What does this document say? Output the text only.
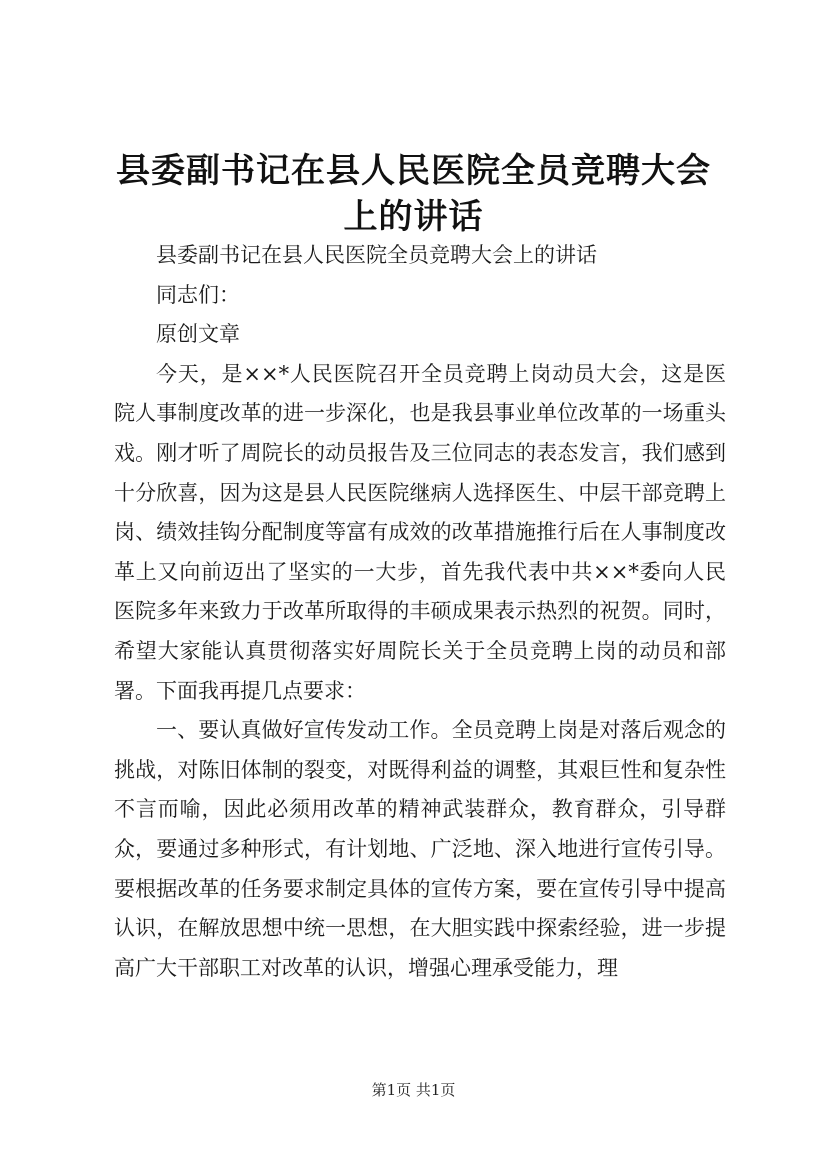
县委副书记在县人民医院全员竞聘大会上的讲话

县委副书记在县人民医院全员竞聘大会上的讲话

同志们：

原创文章

今天，是××*人民医院召开全员竞聘上岗动员大会，这是医院人事制度改革的进一步深化，也是我县事业单位改革的一场重头戏。刚才听了周院长的动员报告及三位同志的表态发言，我们感到十分欣喜，因为这是县人民医院继病人选择医生、中层干部竞聘上岗、绩效挂钩分配制度等富有成效的改革措施推行后在人事制度改革上又向前迈出了坚实的一大步，首先我代表中共××*委向人民医院多年来致力于改革所取得的丰硕成果表示热烈的祝贺。同时，希望大家能认真贯彻落实好周院长关于全员竞聘上岗的动员和部署。下面我再提几点要求：

一、要认真做好宣传发动工作。全员竞聘上岗是对落后观念的挑战，对陈旧体制的裂变，对既得利益的调整，其艰巨性和复杂性不言而喻，因此必须用改革的精神武装群众，教育群众，引导群众，要通过多种形式，有计划地、广泛地、深入地进行宣传引导。要根据改革的任务要求制定具体的宣传方案，要在宣传引导中提高认识，在解放思想中统一思想，在大胆实践中探索经验，进一步提高广大干部职工对改革的认识，增强心理承受能力，理

第1页 共1页
